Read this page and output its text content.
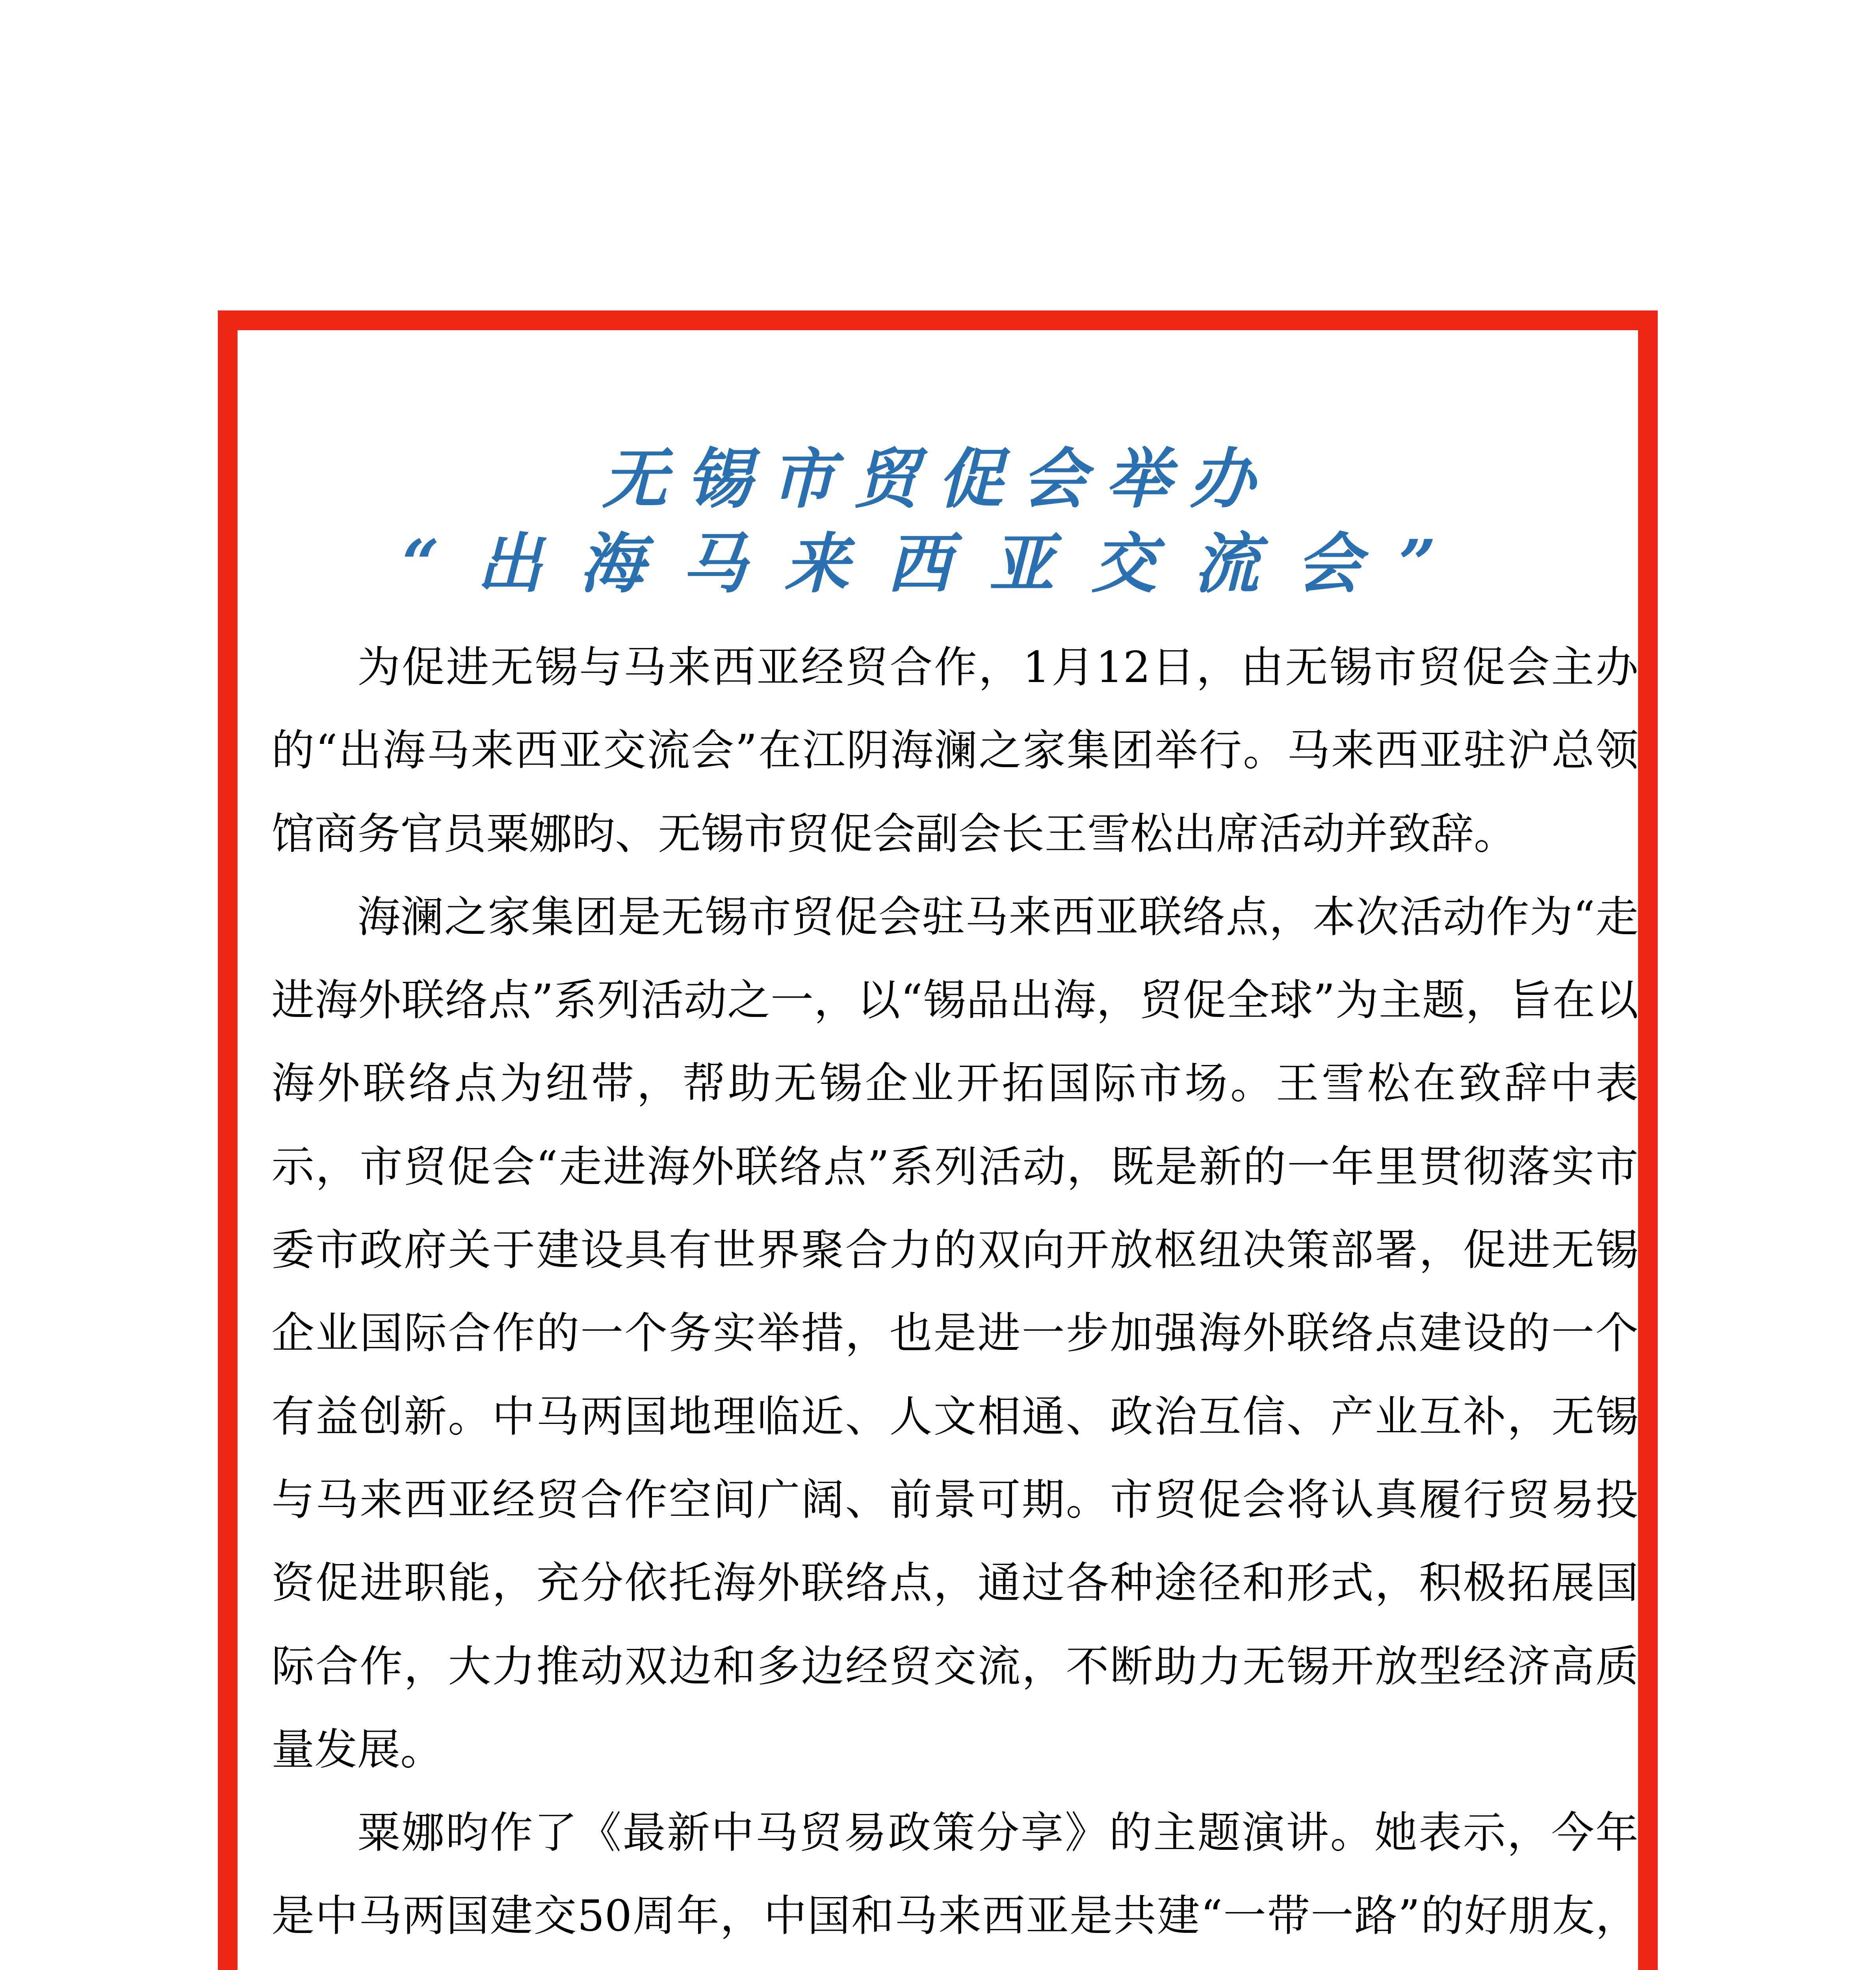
无锡市贸促会举办
“出海马来西亚交流会”

为促进无锡与马来西亚经贸合作，1月12日，由无锡市贸促会主办的“出海马来西亚交流会”在江阴海澜之家集团举行。马来西亚驻沪总领馆商务官员粟娜昀、无锡市贸促会副会长王雪松出席活动并致辞。

海澜之家集团是无锡市贸促会驻马来西亚联络点，本次活动作为“走进海外联络点”系列活动之一，以“锡品出海，贸促全球”为主题，旨在以海外联络点为纽带，帮助无锡企业开拓国际市场。王雪松在致辞中表示，市贸促会“走进海外联络点”系列活动，既是新的一年里贯彻落实市委市政府关于建设具有世界聚合力的双向开放枢纽决策部署，促进无锡企业国际合作的一个务实举措，也是进一步加强海外联络点建设的一个有益创新。中马两国地理临近、人文相通、政治互信、产业互补，无锡与马来西亚经贸合作空间广阔、前景可期。市贸促会将认真履行贸易投资促进职能，充分依托海外联络点，通过各种途径和形式，积极拓展国际合作，大力推动双边和多边经贸交流，不断助力无锡开放型经济高质量发展。

粟娜昀作了《最新中马贸易政策分享》的主题演讲。她表示，今年是中马两国建交50周年，中国和马来西亚是共建“一带一路”的好朋友，
